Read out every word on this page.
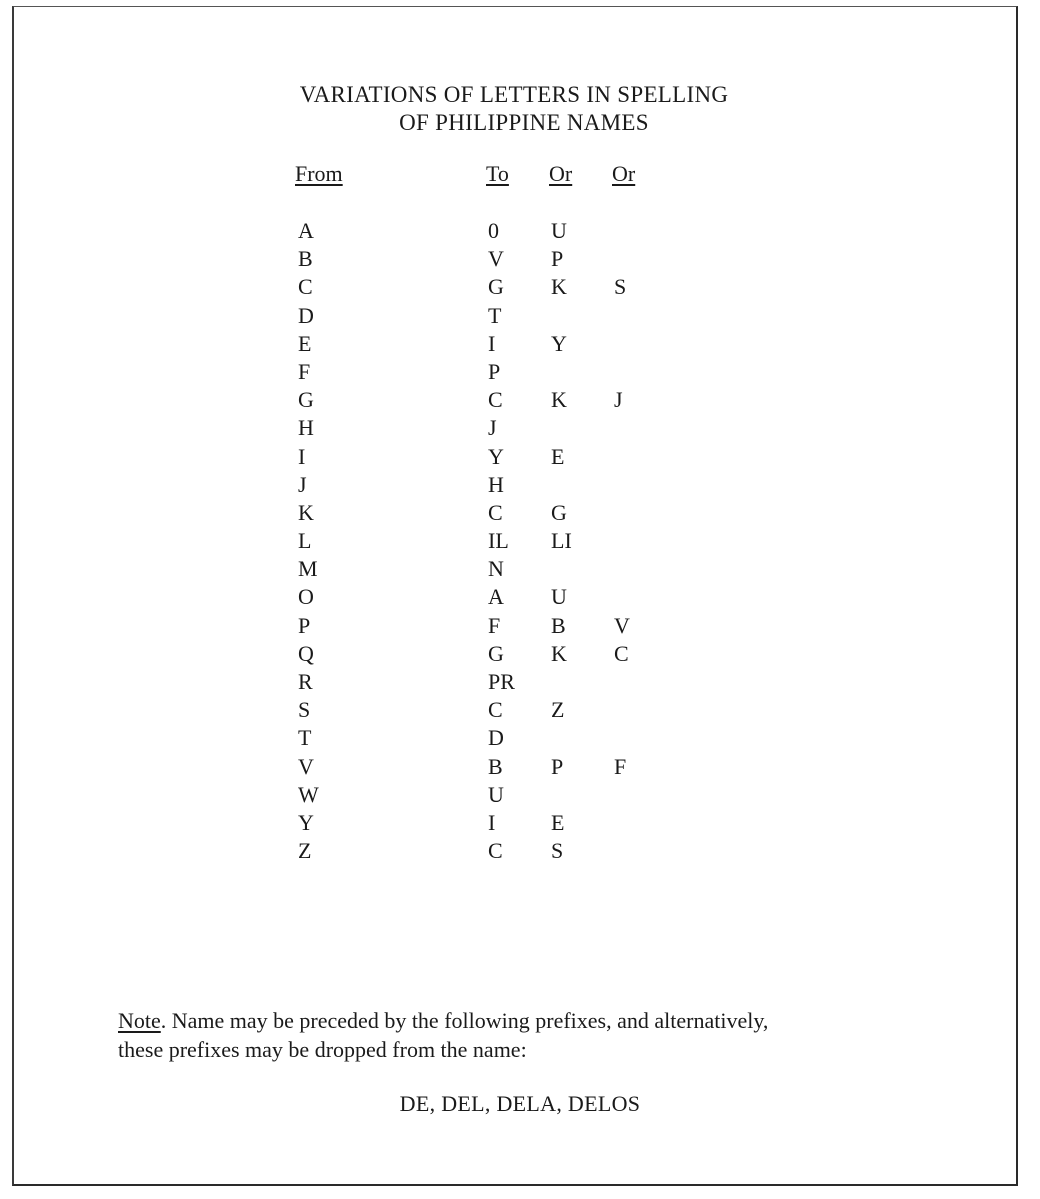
VARIATIONS OF LETTERS IN SPELLING
OF PHILIPPINE NAMES
From	To Or Or
A	0 U
B	V P
C	G K S
D	T
E	I	Y
F	P
G	C K J
H	J
I	Y E
J	H
K	C G
L	IL LI
M	N
O	A U
P	F B V
Q	G K C
R	PR
S	C Z
T	D
V	B P F
W	U
Y	I	E
Z	C S
Note. Name may be preceded by the following prefixes, and alternatively,
these prefixes may be dropped from the name:
DE, DEL, DELA, DELOS
